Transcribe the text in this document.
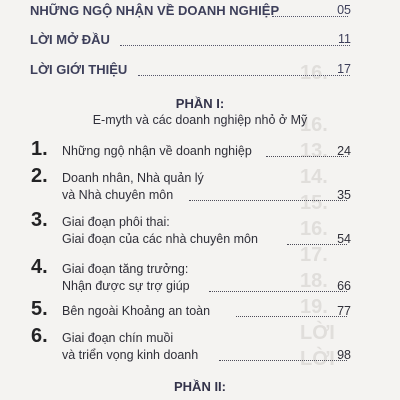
16.

16.
13.
14.
15.
16.
17.
18.
19.
LỜI
LỜI
NHỮNG NGỘ NHẬN VỀ DOANH NGHIỆP	05
LỜI MỞ ĐẦU	11
LỜI GIỚI THIỆU	17
PHẦN I:
E-myth và các doanh nghiệp nhỏ ở Mỹ
1. Những ngộ nhận về doanh nghiệp	24
2. Doanh nhân, Nhà quản lý
và Nhà chuyên môn	35
3. Giai đoạn phôi thai:
Giai đoạn của các nhà chuyên môn	54
4. Giai đoạn tăng trưởng:
Nhận được sự trợ giúp	66
5. Bên ngoài Khoảng an toàn	77
6. Giai đoạn chín muồi
và triển vọng kinh doanh	98
PHẦN II:
